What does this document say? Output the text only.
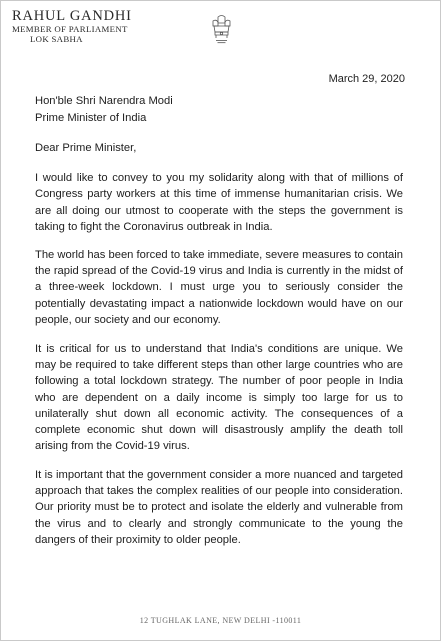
RAHUL GANDHI
MEMBER OF PARLIAMENT
LOK SABHA
March 29, 2020
Hon'ble Shri Narendra Modi
Prime Minister of India
Dear Prime Minister,

I would like to convey to you my solidarity along with that of millions of Congress party workers at this time of immense humanitarian crisis. We are all doing our utmost to cooperate with the steps the government is taking to fight the Coronavirus outbreak in India.

The world has been forced to take immediate, severe measures to contain the rapid spread of the Covid-19 virus and India is currently in the midst of a three-week lockdown. I must urge you to seriously consider the potentially devastating impact a nationwide lockdown would have on our people, our society and our economy.

It is critical for us to understand that India's conditions are unique. We may be required to take different steps than other large countries who are following a total lockdown strategy. The number of poor people in India who are dependent on a daily income is simply too large for us to unilaterally shut down all economic activity. The consequences of a complete economic shut down will disastrously amplify the death toll arising from the Covid-19 virus.

It is important that the government consider a more nuanced and targeted approach that takes the complex realities of our people into consideration. Our priority must be to protect and isolate the elderly and vulnerable from the virus and to clearly and strongly communicate to the young the dangers of their proximity to older people.

12 TUGHLAK LANE, NEW DELHI -110011
